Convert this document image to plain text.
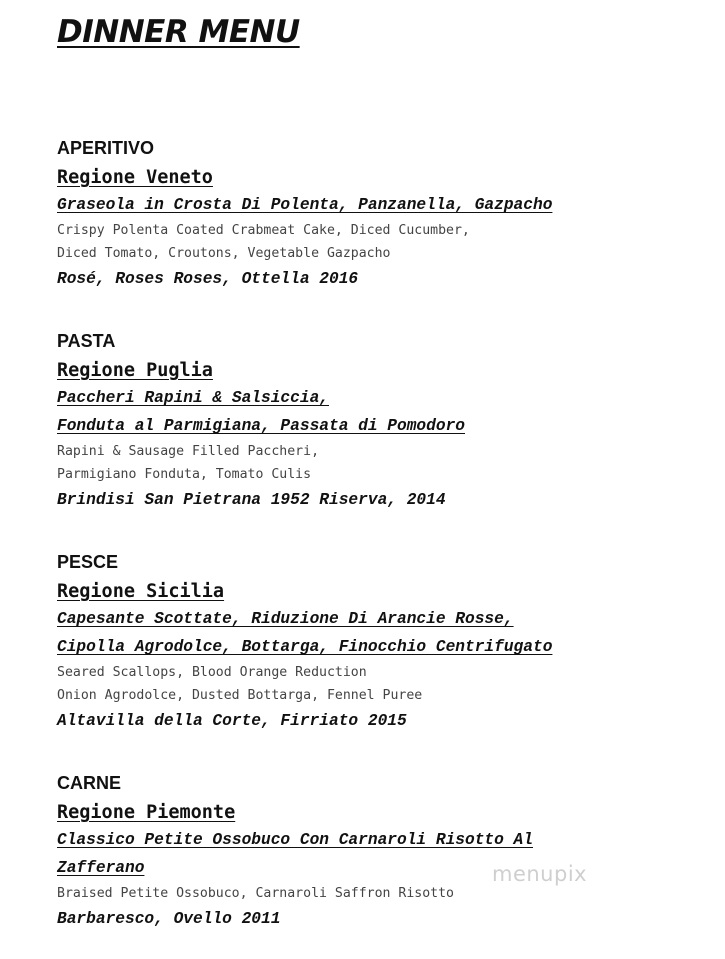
DINNER MENU
APERITIVO
Regione Veneto
Graseola in Crosta Di Polenta, Panzanella, Gazpacho
Crispy Polenta Coated Crabmeat Cake, Diced Cucumber,
Diced Tomato, Croutons, Vegetable Gazpacho
Rosé, Roses Roses, Ottella 2016
PASTA
Regione Puglia
Paccheri Rapini & Salsiccia,
Fonduta al Parmigiana, Passata di Pomodoro
Rapini & Sausage Filled Paccheri,
Parmigiano Fonduta, Tomato Culis
Brindisi San Pietrana 1952 Riserva, 2014
PESCE
Regione Sicilia
Capesante Scottate, Riduzione Di Arancie Rosse,
Cipolla Agrodolce, Bottarga, Finocchio Centrifugato
Seared Scallops, Blood Orange Reduction
Onion Agrodolce, Dusted Bottarga, Fennel Puree
Altavilla della Corte, Firriato 2015
CARNE
Regione Piemonte
Classico Petite Ossobuco Con Carnaroli Risotto Al
Zafferano
Braised Petite Ossobuco, Carnaroli Saffron Risotto
Barbaresco, Ovello 2011
menupix
